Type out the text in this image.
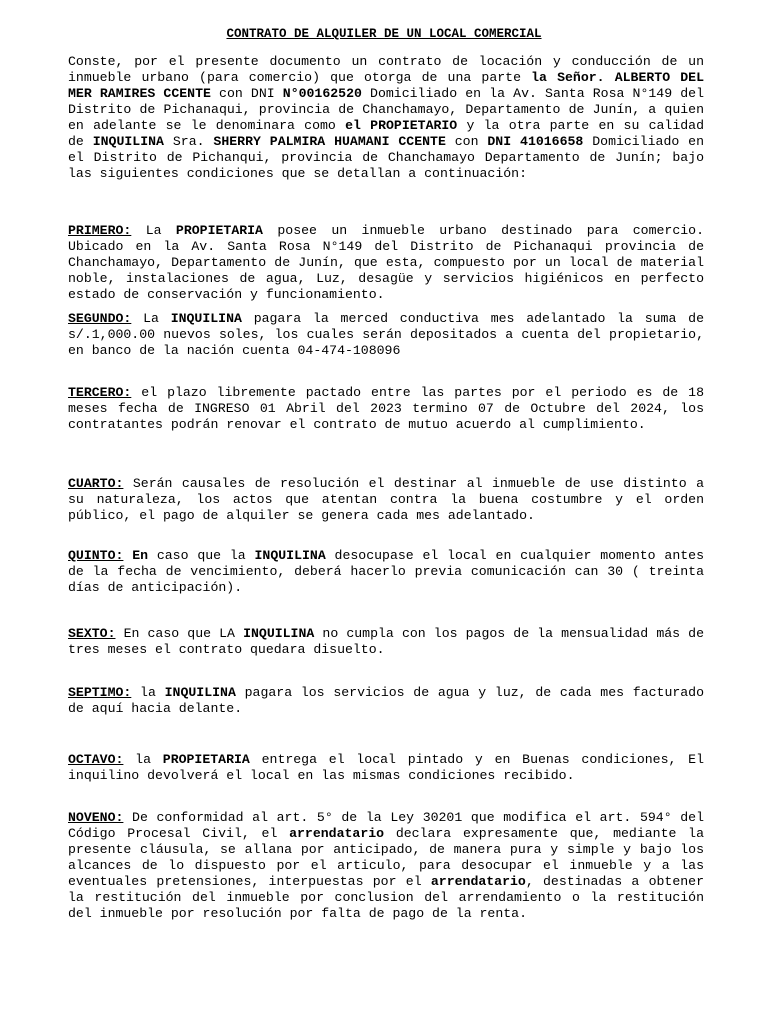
CONTRATO DE ALQUILER DE UN LOCAL COMERCIAL

Conste, por el presente documento un contrato de locación y conducción de un inmueble urbano (para comercio) que otorga de una parte la Señor. ALBERTO DEL MER RAMIRES CCENTE con DNI N°00162520 Domiciliado en la Av. Santa Rosa N°149 del Distrito de Pichanaqui, provincia de Chanchamayo, Departamento de Junín, a quien en adelante se le denominara como el PROPIETARIO y la otra parte en su calidad de INQUILINA Sra. SHERRY PALMIRA HUAMANI CCENTE con DNI 41016658 Domiciliado en el Distrito de Pichanqui, provincia de Chanchamayo Departamento de Junín; bajo las siguientes condiciones que se detallan a continuación:

PRIMERO: La PROPIETARIA posee un inmueble urbano destinado para comercio. Ubicado en la Av. Santa Rosa N°149 del Distrito de Pichanaqui provincia de Chanchamayo, Departamento de Junín, que esta, compuesto por un local de material noble, instalaciones de agua, Luz, desagüe y servicios higiénicos en perfecto estado de conservación y funcionamiento.

SEGUNDO: La INQUILINA pagara la merced conductiva mes adelantado la suma de s/.1,000.00 nuevos soles, los cuales serán depositados a cuenta del propietario, en banco de la nación cuenta 04-474-108096

TERCERO: el plazo libremente pactado entre las partes por el periodo es de 18 meses fecha de INGRESO 01 Abril del 2023 termino 07 de Octubre del 2024, los contratantes podrán renovar el contrato de mutuo acuerdo al cumplimiento.

CUARTO: Serán causales de resolución el destinar al inmueble de use distinto a su naturaleza, los actos que atentan contra la buena costumbre y el orden público, el pago de alquiler se genera cada mes adelantado.

QUINTO: En caso que la INQUILINA desocupase el local en cualquier momento antes de la fecha de vencimiento, deberá hacerlo previa comunicación can 30 ( treinta días de anticipación).

SEXTO: En caso que LA INQUILINA no cumpla con los pagos de la mensualidad más de tres meses el contrato quedara disuelto.

SEPTIMO: la INQUILINA pagara los servicios de agua y luz, de cada mes facturado de aquí hacia delante.

OCTAVO: la PROPIETARIA entrega el local pintado y en Buenas condiciones, El inquilino devolverá el local en las mismas condiciones recibido.

NOVENO: De conformidad al art. 5° de la Ley 30201 que modifica el art. 594° del Código Procesal Civil, el arrendatario declara expresamente que, mediante la presente cláusula, se allana por anticipado, de manera pura y simple y bajo los alcances de lo dispuesto por el articulo, para desocupar el inmueble y a las eventuales pretensiones, interpuestas por el arrendatario, destinadas a obtener la restitución del inmueble por conclusion del arrendamiento o la restitución del inmueble por resolución por falta de pago de la renta.
